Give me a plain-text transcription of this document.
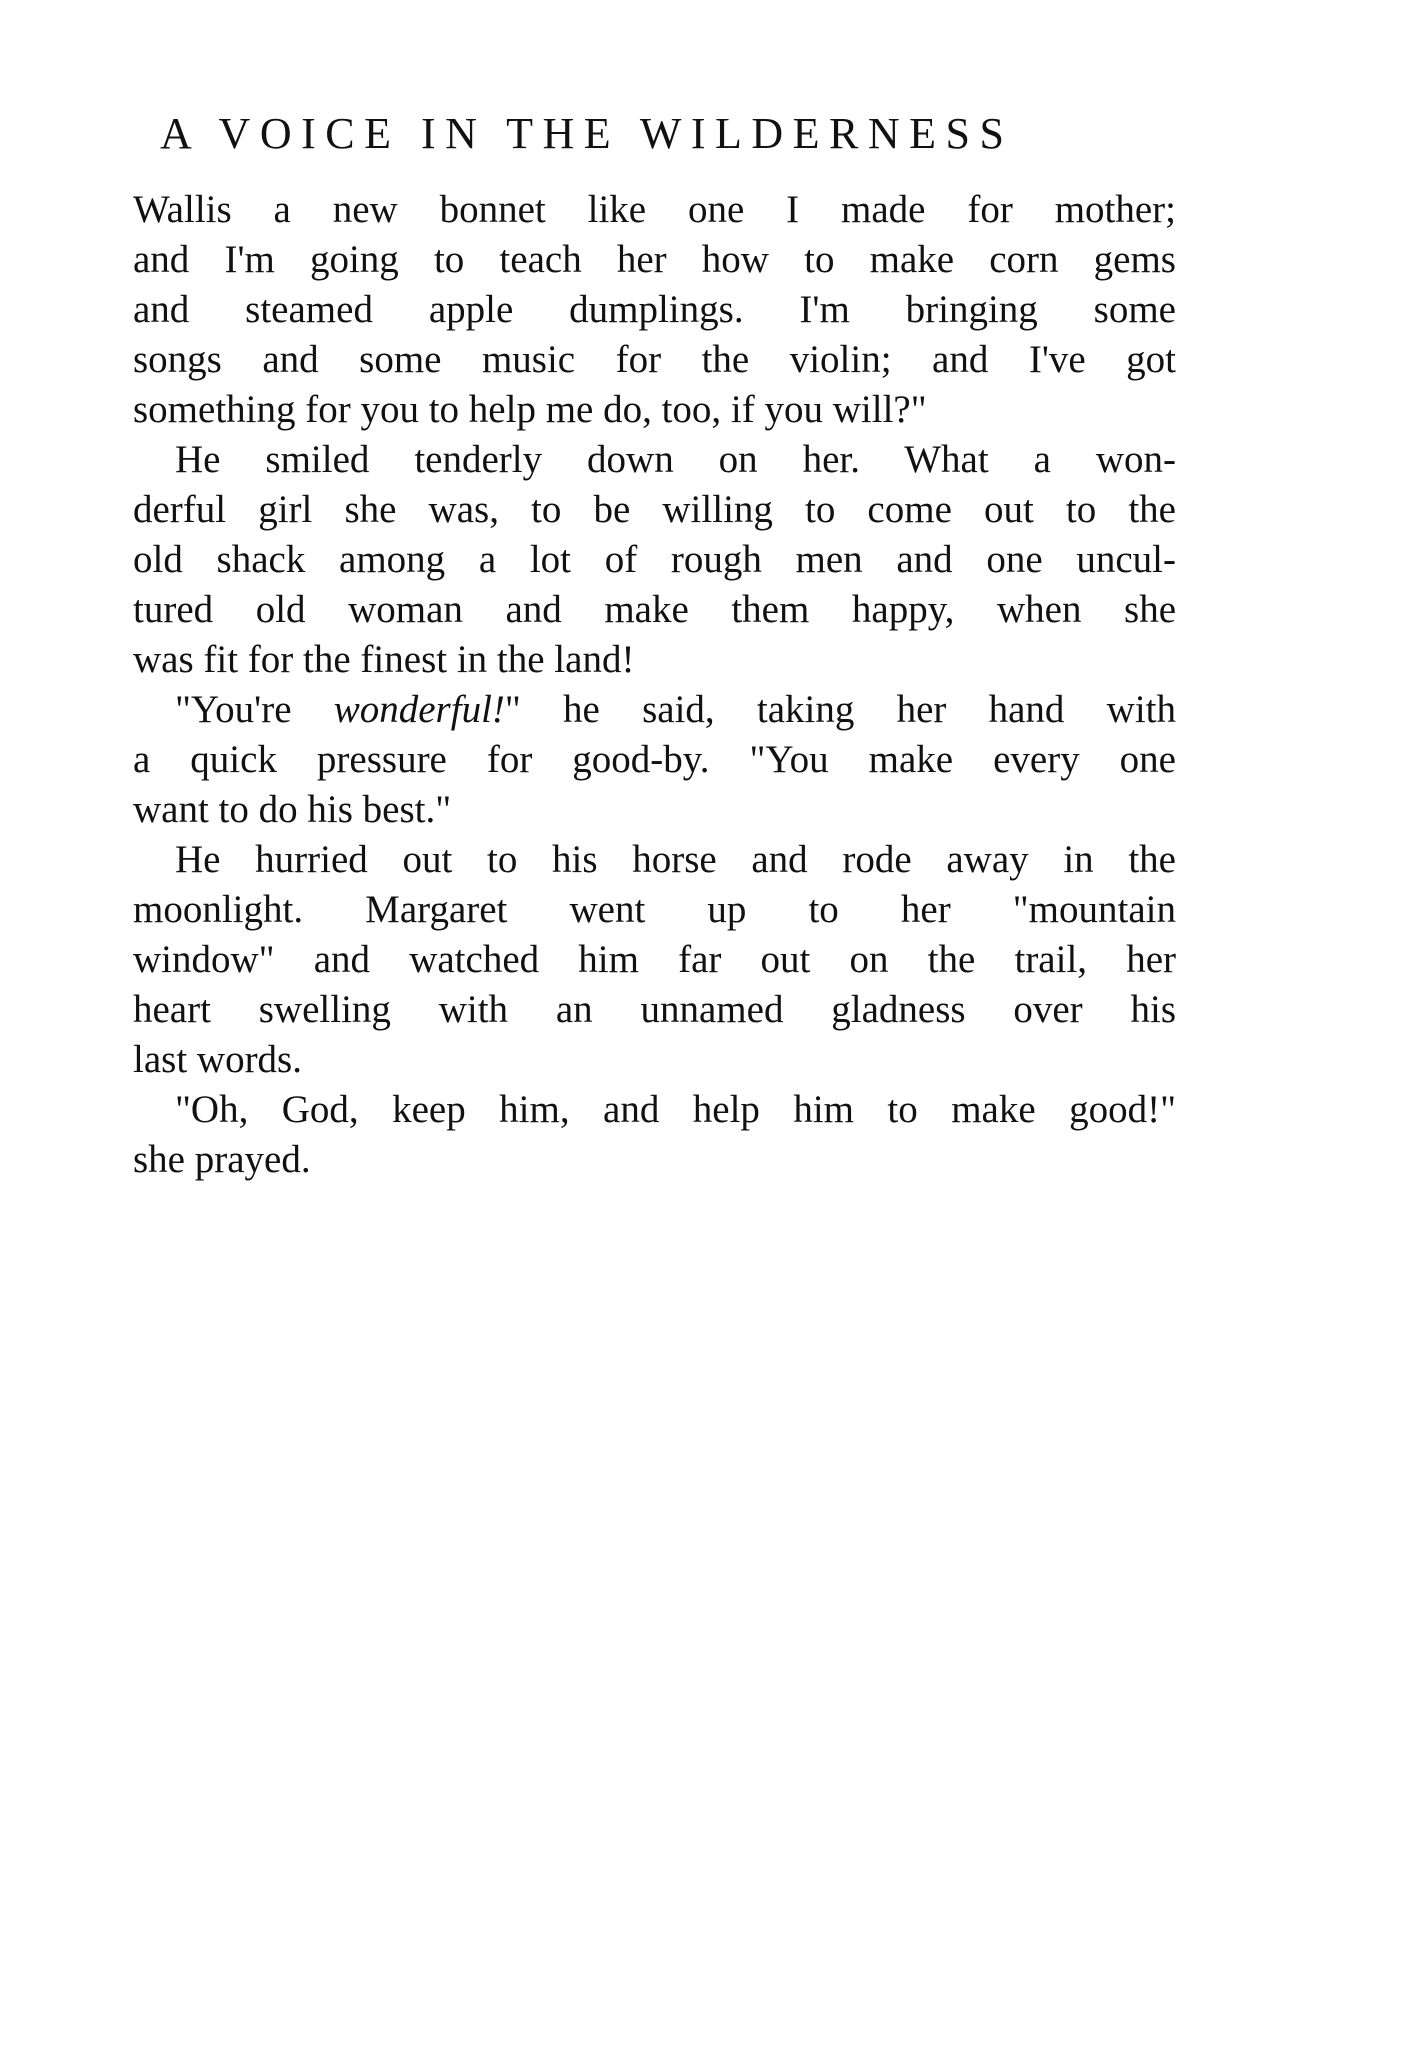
A VOICE IN THE WILDERNESS
Wallis a new bonnet like one I made for mother;
and I'm going to teach her how to make corn gems
and steamed apple dumplings. I'm bringing some
songs and some music for the violin; and I've got
something for you to help me do, too, if you will?"
He smiled tenderly down on her. What a won-
derful girl she was, to be willing to come out to the
old shack among a lot of rough men and one uncul-
tured old woman and make them happy, when she
was fit for the finest in the land!
"You're wonderful!" he said, taking her hand with
a quick pressure for good-by. "You make every one
want to do his best."
He hurried out to his horse and rode away in the
moonlight. Margaret went up to her "mountain
window" and watched him far out on the trail, her
heart swelling with an unnamed gladness over his
last words.
"Oh, God, keep him, and help him to make good!"
she prayed.
